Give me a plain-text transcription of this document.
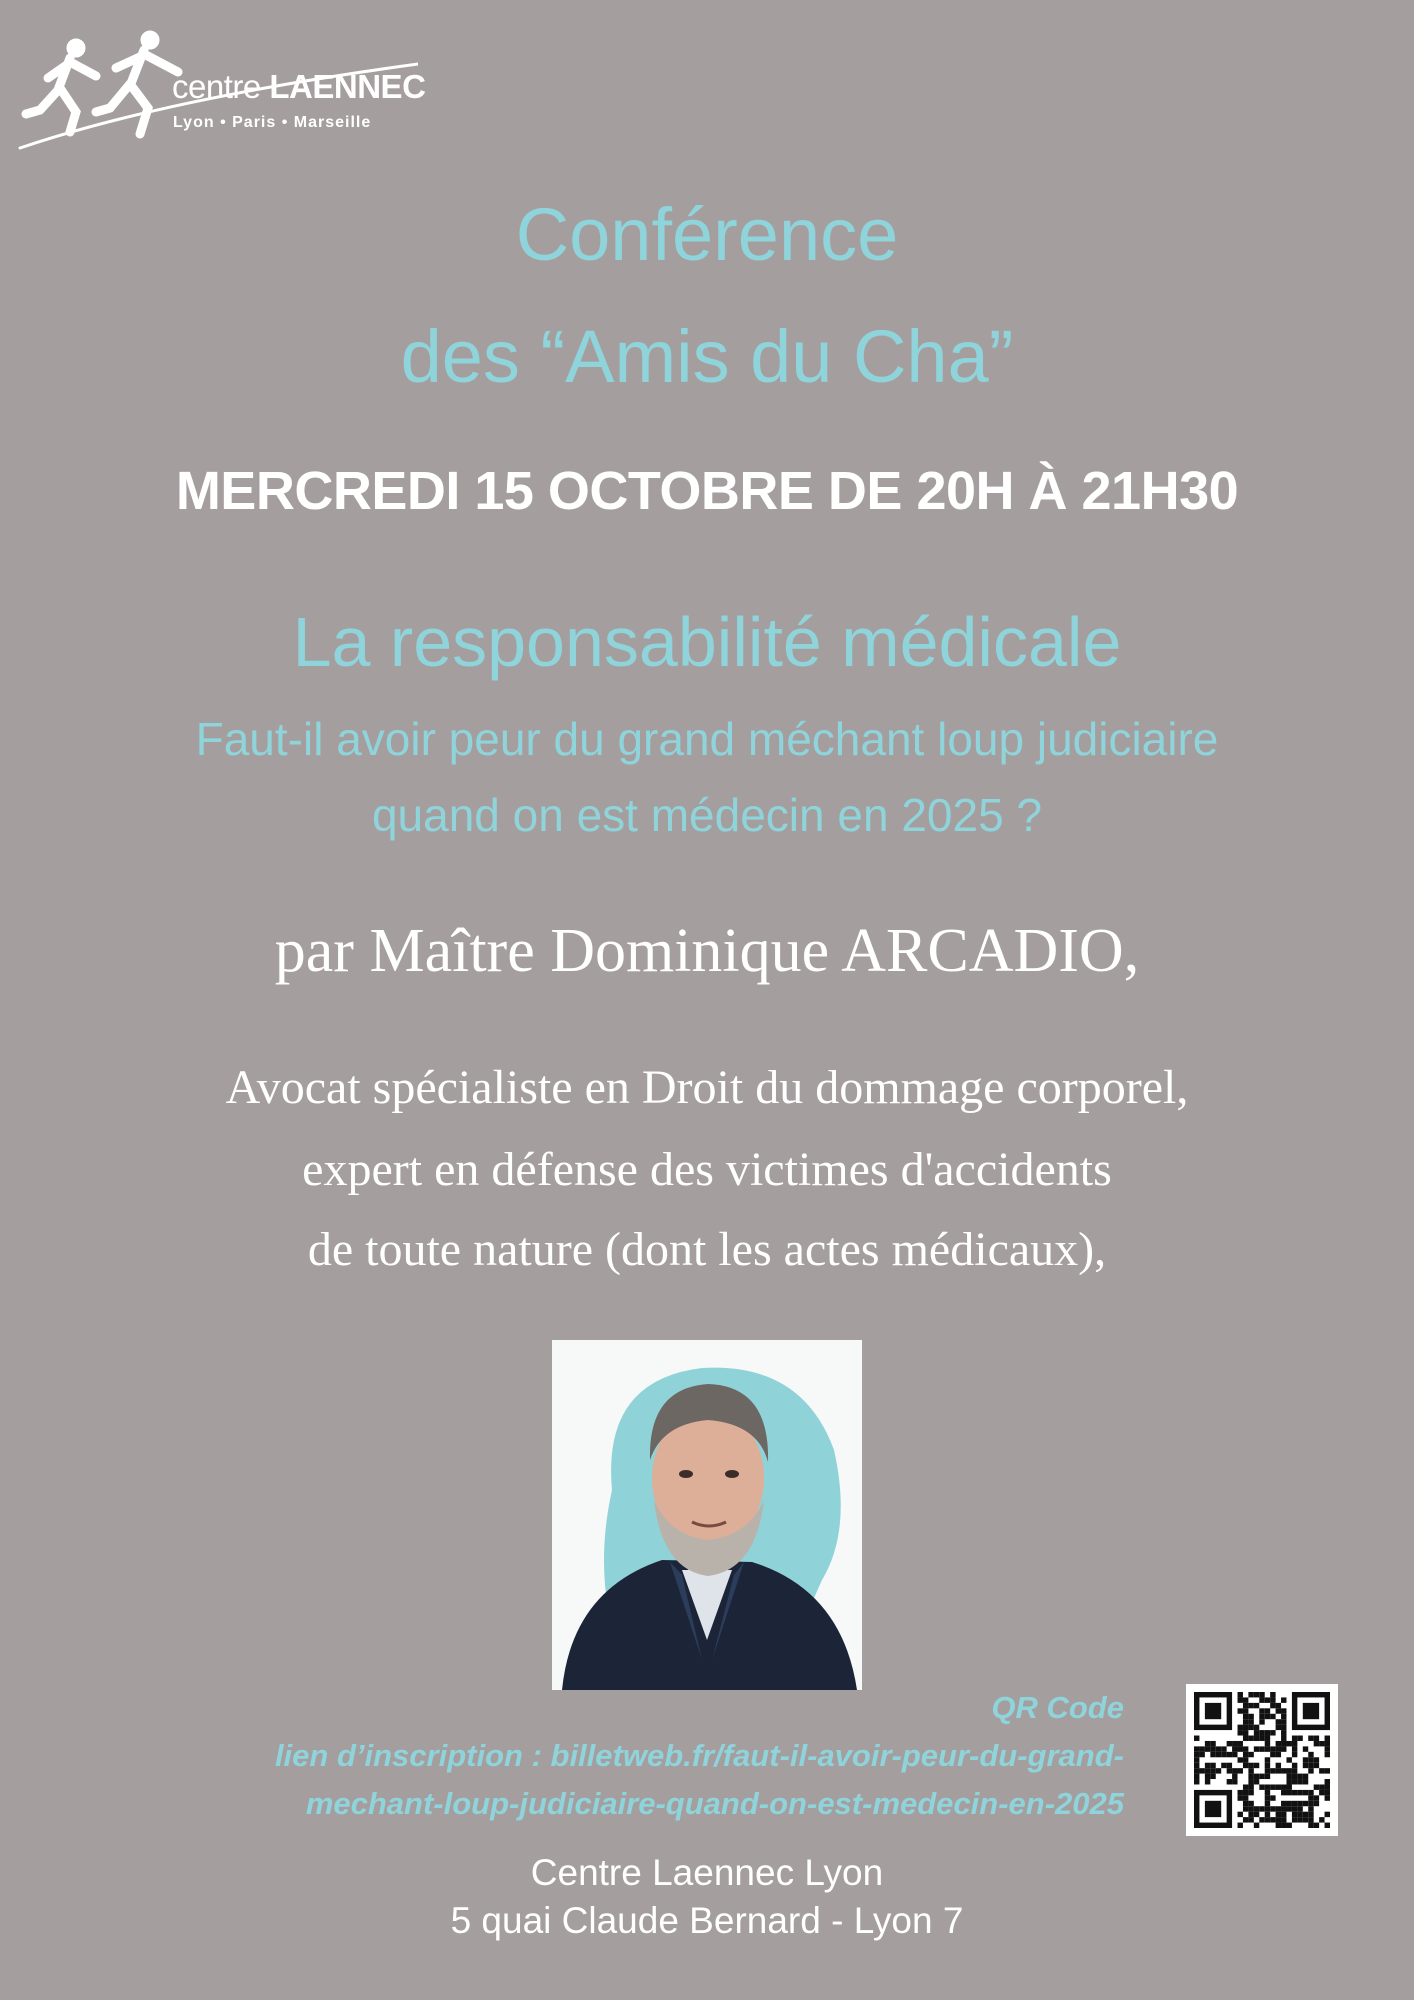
centre LAENNEC
Lyon • Paris • Marseille
Conférence
des “Amis du Cha”
MERCREDI 15 OCTOBRE DE 20H À 21H30
La responsabilité médicale
Faut-il avoir peur du grand méchant loup judiciaire
quand on est médecin en 2025 ?
par Maître Dominique ARCADIO,
Avocat spécialiste en Droit du dommage corporel,
expert en défense des victimes d'accidents
de toute nature (dont les actes médicaux),
QR Code
lien d’inscription : billetweb.fr/faut-il-avoir-peur-du-grand-
mechant-loup-judiciaire-quand-on-est-medecin-en-2025
Centre Laennec Lyon
5 quai Claude Bernard - Lyon 7
